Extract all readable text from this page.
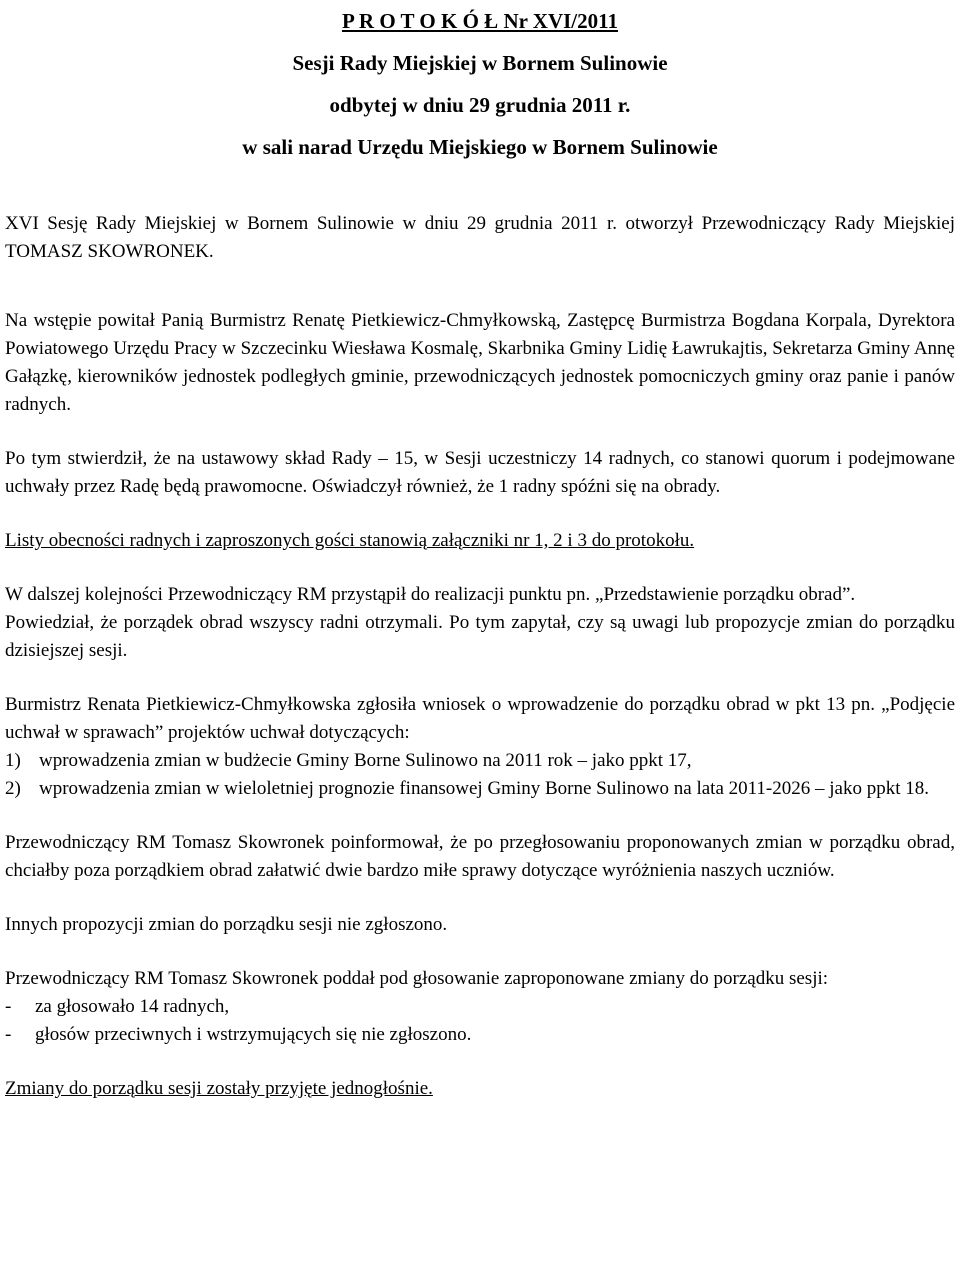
P R O T O K Ó Ł Nr XVI/2011
Sesji Rady Miejskiej w Bornem Sulinowie
odbytej w dniu 29 grudnia 2011 r.
w sali narad Urzędu Miejskiego w Bornem Sulinowie

XVI Sesję Rady Miejskiej w Bornem Sulinowie w dniu 29 grudnia 2011 r. otworzył Przewodniczący Rady Miejskiej TOMASZ SKOWRONEK.

Na wstępie powitał Panią Burmistrz Renatę Pietkiewicz-Chmyłkowską, Zastępcę Burmistrza Bogdana Korpala, Dyrektora Powiatowego Urzędu Pracy w Szczecinku Wiesława Kosmalę, Skarbnika Gminy Lidię Ławrukajtis, Sekretarza Gminy Annę Gałązkę, kierowników jednostek podległych gminie, przewodniczących jednostek pomocniczych gminy oraz panie i panów radnych.

Po tym stwierdził, że na ustawowy skład Rady – 15, w Sesji uczestniczy 14 radnych, co stanowi quorum i podejmowane uchwały przez Radę będą prawomocne. Oświadczył również, że 1 radny spóźni się na obrady.

Listy obecności radnych i zaproszonych gości stanowią załączniki nr 1, 2 i 3 do protokołu.

W dalszej kolejności Przewodniczący RM przystąpił do realizacji punktu pn. „Przedstawienie porządku obrad”.

Powiedział, że porządek obrad wszyscy radni otrzymali. Po tym zapytał, czy są uwagi lub propozycje zmian do porządku dzisiejszej sesji.

Burmistrz Renata Pietkiewicz-Chmyłkowska zgłosiła wniosek o wprowadzenie do porządku obrad w pkt 13 pn. „Podjęcie uchwał w sprawach” projektów uchwał dotyczących:

1) wprowadzenia zmian w budżecie Gminy Borne Sulinowo na 2011 rok – jako ppkt 17,
2) wprowadzenia zmian w wieloletniej prognozie finansowej Gminy Borne Sulinowo na lata 2011-2026 – jako ppkt 18.

Przewodniczący RM Tomasz Skowronek poinformował, że po przegłosowaniu proponowanych zmian w porządku obrad, chciałby poza porządkiem obrad załatwić dwie bardzo miłe sprawy dotyczące wyróżnienia naszych uczniów.

Innych propozycji zmian do porządku sesji nie zgłoszono.

Przewodniczący RM Tomasz Skowronek poddał pod głosowanie zaproponowane zmiany do porządku sesji:

-	za głosowało 14 radnych,
-	głosów przeciwnych i wstrzymujących się nie zgłoszono.

Zmiany do porządku sesji zostały przyjęte jednogłośnie.
